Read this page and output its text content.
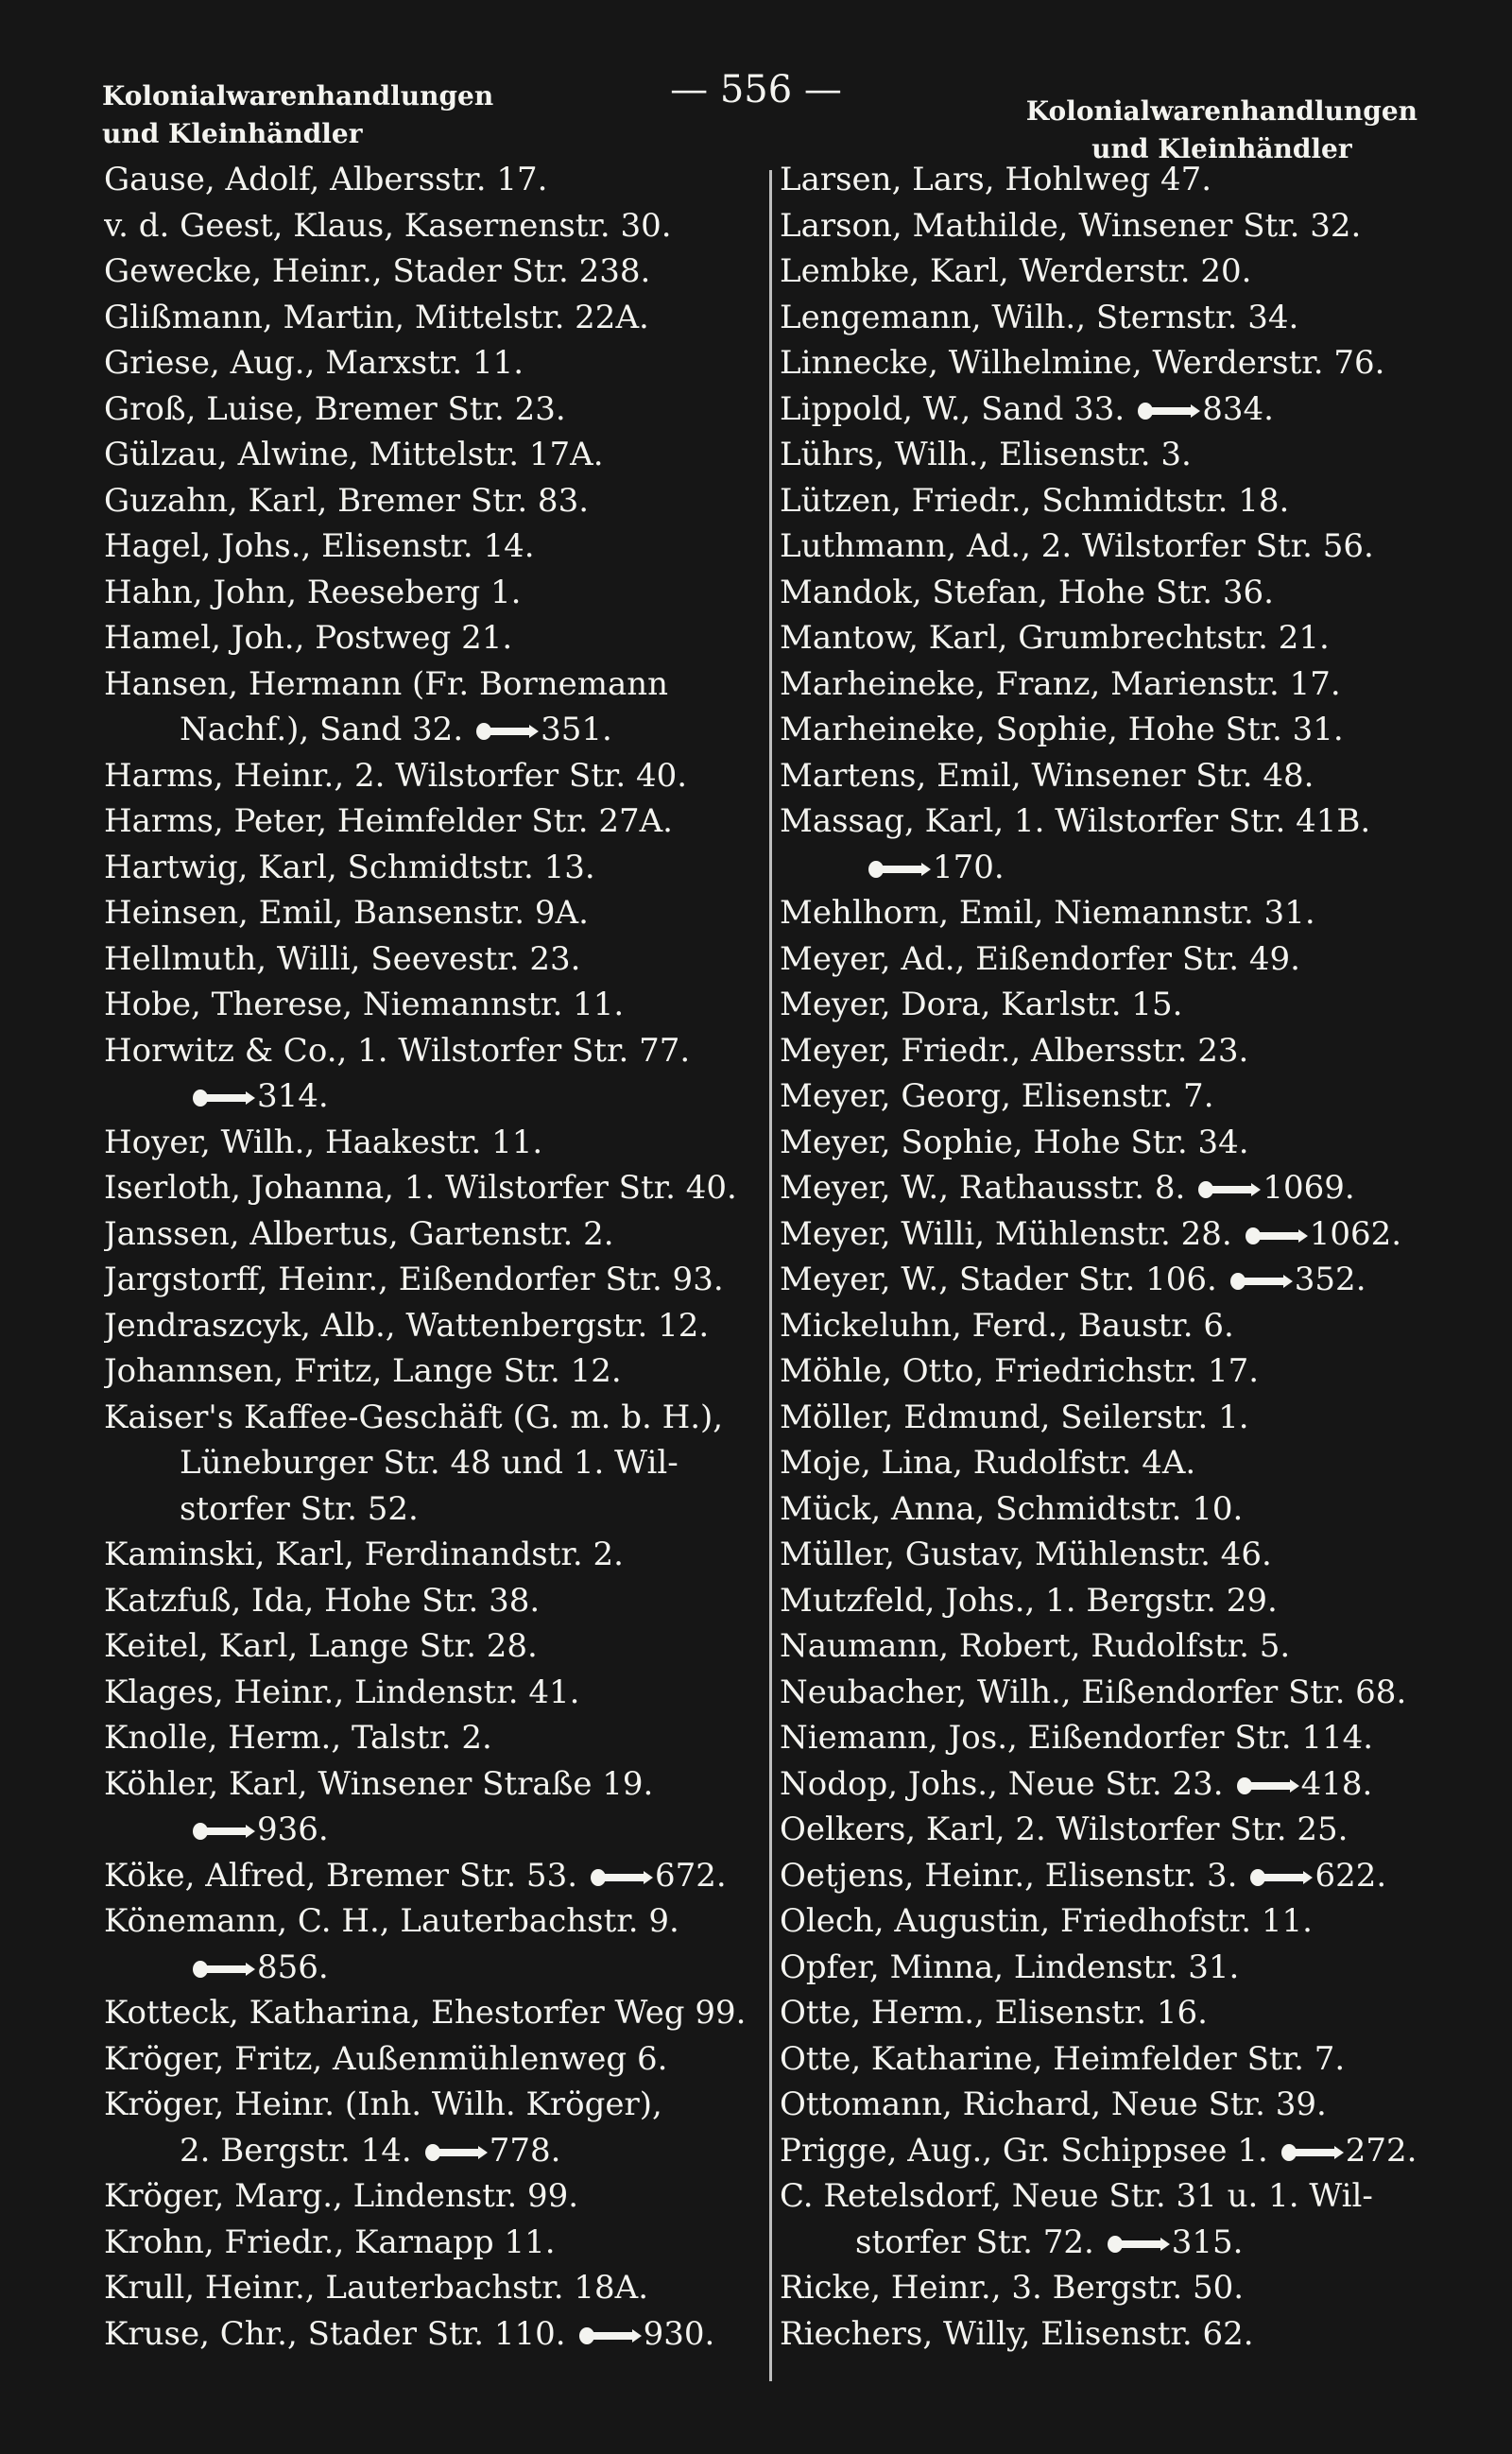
Kolonialwarenhandlungen
und Kleinhändler
— 556 —	Kolonialwarenhandlungen
und Kleinhändler
Gause, Adolf, Albersstr. 17.
v. d. Geest, Klaus, Kasernenstr. 30.
Gewecke, Heinr., Stader Str. 238.
Glißmann, Martin, Mittelstr. 22A.
Griese, Aug., Marxstr. 11.
Groß, Luise, Bremer Str. 23.
Gülzau, Alwine, Mittelstr. 17A.
Guzahn, Karl, Bremer Str. 83.
Hagel, Johs., Elisenstr. 14.
Hahn, John, Reeseberg 1.
Hamel, Joh., Postweg 21.
Hansen, Hermann (Fr. Bornemann
Nachf.), Sand 32. 351.
Harms, Heinr., 2. Wilstorfer Str. 40.
Harms, Peter, Heimfelder Str. 27A.
Hartwig, Karl, Schmidtstr. 13.
Heinsen, Emil, Bansenstr. 9A.
Hellmuth, Willi, Seevestr. 23.
Hobe, Therese, Niemannstr. 11.
Horwitz & Co., 1. Wilstorfer Str. 77.
314.
Hoyer, Wilh., Haakestr. 11.
Iserloth, Johanna, 1. Wilstorfer Str. 40.
Janssen, Albertus, Gartenstr. 2.
Jargstorff, Heinr., Eißendorfer Str. 93.
Jendraszcyk, Alb., Wattenbergstr. 12.
Johannsen, Fritz, Lange Str. 12.
Kaiser's Kaffee-Geschäft (G. m. b. H.),
Lüneburger Str. 48 und 1. Wil-
storfer Str. 52.
Kaminski, Karl, Ferdinandstr. 2.
Katzfuß, Ida, Hohe Str. 38.
Keitel, Karl, Lange Str. 28.
Klages, Heinr., Lindenstr. 41.
Knolle, Herm., Talstr. 2.
Köhler, Karl, Winsener Straße 19.
936.
Köke, Alfred, Bremer Str. 53. 672.
Könemann, C. H., Lauterbachstr. 9.
856.
Kotteck, Katharina, Ehestorfer Weg 99.
Kröger, Fritz, Außenmühlenweg 6.
Kröger, Heinr. (Inh. Wilh. Kröger),
2. Bergstr. 14. 778.
Kröger, Marg., Lindenstr. 99.
Krohn, Friedr., Karnapp 11.
Krull, Heinr., Lauterbachstr. 18A.
Kruse, Chr., Stader Str. 110. 930.
Larsen, Lars, Hohlweg 47.
Larson, Mathilde, Winsener Str. 32.
Lembke, Karl, Werderstr. 20.
Lengemann, Wilh., Sternstr. 34.
Linnecke, Wilhelmine, Werderstr. 76.
Lippold, W., Sand 33. 834.
Lührs, Wilh., Elisenstr. 3.
Lützen, Friedr., Schmidtstr. 18.
Luthmann, Ad., 2. Wilstorfer Str. 56.
Mandok, Stefan, Hohe Str. 36.
Mantow, Karl, Grumbrechtstr. 21.
Marheineke, Franz, Marienstr. 17.
Marheineke, Sophie, Hohe Str. 31.
Martens, Emil, Winsener Str. 48.
Massag, Karl, 1. Wilstorfer Str. 41B.
170.
Mehlhorn, Emil, Niemannstr. 31.
Meyer, Ad., Eißendorfer Str. 49.
Meyer, Dora, Karlstr. 15.
Meyer, Friedr., Albersstr. 23.
Meyer, Georg, Elisenstr. 7.
Meyer, Sophie, Hohe Str. 34.
Meyer, W., Rathausstr. 8. 1069.
Meyer, Willi, Mühlenstr. 28. 1062.
Meyer, W., Stader Str. 106. 352.
Mickeluhn, Ferd., Baustr. 6.
Möhle, Otto, Friedrichstr. 17.
Möller, Edmund, Seilerstr. 1.
Moje, Lina, Rudolfstr. 4A.
Mück, Anna, Schmidtstr. 10.
Müller, Gustav, Mühlenstr. 46.
Mutzfeld, Johs., 1. Bergstr. 29.
Naumann, Robert, Rudolfstr. 5.
Neubacher, Wilh., Eißendorfer Str. 68.
Niemann, Jos., Eißendorfer Str. 114.
Nodop, Johs., Neue Str. 23. 418.
Oelkers, Karl, 2. Wilstorfer Str. 25.
Oetjens, Heinr., Elisenstr. 3. 622.
Olech, Augustin, Friedhofstr. 11.
Opfer, Minna, Lindenstr. 31.
Otte, Herm., Elisenstr. 16.
Otte, Katharine, Heimfelder Str. 7.
Ottomann, Richard, Neue Str. 39.
Prigge, Aug., Gr. Schippsee 1. 272.
C. Retelsdorf, Neue Str. 31 u. 1. Wil-
storfer Str. 72. 315.
Ricke, Heinr., 3. Bergstr. 50.
Riechers, Willy, Elisenstr. 62.
